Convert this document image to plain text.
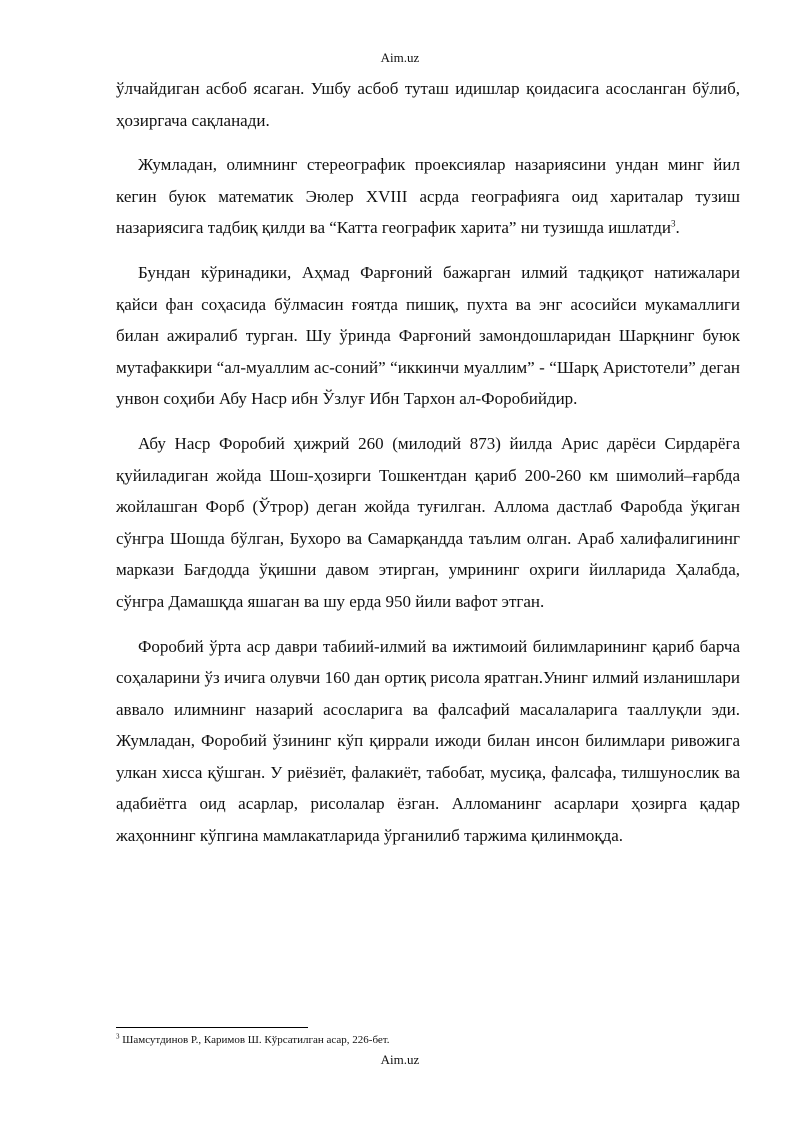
Aim.uz

ўлчайдиган асбоб ясаган. Ушбу асбоб туташ идишлар қоидасига асосланган бўлиб, ҳозиргача сақланади.

Жумладан, олимнинг стереографик проексиялар назариясини ундан минг йил кегин буюк математик Эюлер XVIII асрда географияга оид хариталар тузиш назариясига тадбиқ қилди ва “Катта географик харита” ни тузишда ишлатди$^3$.

Бундан кўринадики, Аҳмад Фарғоний бажарган илмий тадқиқот натижалари қайси фан соҳасида бўлмасин ғоятда пишиқ, пухта ва энг асосийси мукамаллиги билан ажиралиб турган. Шу ўринда Фарғоний замондошларидан Шарқнинг буюк мутафаккири “ал-муаллим ас-соний” “иккинчи муаллим” - “Шарқ Аристотели” деган унвон соҳиби Абу Наср ибн Ўзлуғ Ибн Тархон ал-Форобийдир.

Абу Наср Форобий ҳижрий 260 (милодий 873) йилда Арис дарёси Сирдарёга қуйиладиган жойда Шош-ҳозирги Тошкентдан қариб 200-260 км шимолий–ғарбда жойлашган Форб (Ўтрор) деган жойда туғилган. Аллома дастлаб Фаробда ўқиган сўнгра Шошда бўлган, Бухоро ва Самарқандда таълим олган. Араб халифалигининг маркази Бағдодда ўқишни давом этирган, умрининг охриги йилларида Ҳалабда, сўнгра Дамашқда яшаган ва шу ерда 950 йили вафот этган.

Форобий ўрта аср даври табиий-илмий ва ижтимоий билимларининг қариб барча соҳаларини ўз ичига олувчи 160 дан ортиқ рисола яратган.Унинг илмий изланишлари аввало илимнинг назарий асосларига ва фалсафий масалаларига тааллуқли эди. Жумладан, Форобий ўзининг кўп қиррали ижоди билан инсон билимлари ривожига улкан хисса қўшган. У риёзиёт, фалакиёт, табобат, мусиқа, фалсафа, тилшунослик ва адабиётга оид асарлар, рисолалар ёзган. Алломанинг асарлари ҳозирга қадар жаҳоннинг кўпгина мамлакатларида ўрганилиб таржима қилинмоқда.

$^3$ Шамсутдинов Р., Каримов Ш. Кўрсатилган асар, 226-бет.
Aim.uz
